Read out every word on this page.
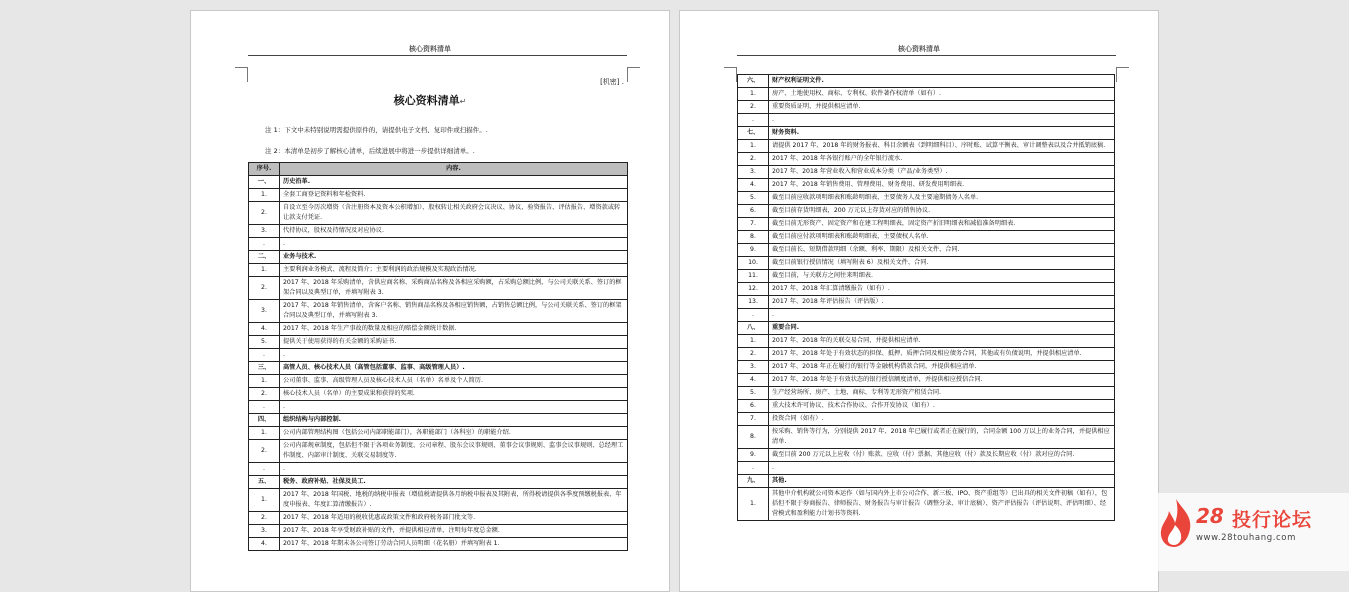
核心资料清单
[机密] .
核心资料清单↵
注 1：下文中未特别说明需提供原件的，请提供电子文档、复印件或扫描件。.
注 2：本清单是初步了解核心清单，后续进展中将进一步提供详细清单。.
序号.	内容.
一、	历史沿革.
1.	全套工商登记资料和年检资料.
2.	自设立至今历次增资（含注册资本及资本公积增加）、股权转让相关政府会议决议、协议、验资报告、评估报告、增资款或转让款支付凭证.
3.	代持协议，股权及持情况及对应协议.
.	.
二、	业务与技术.
1.	主要利润业务模式、流程及简介；主要利润的政治规模及实现政治情况.
2.	2017 年、2018 年采购清单，含供应商名称、采购商品名称及各相应采购额，占采购总额比例，与公司关联关系、签订的框架合同以及典型订单，并填写附表 3.
3.	2017 年、2018 年销售清单，含客户名称、销售商品名称及各相应销售额，占销售总额比例，与公司关联关系、签订的框架合同以及典型订单，并填写附表 3.
4.	2017 年、2018 年生产事故的数量及相应的赔偿金额统计数据.
5.	提供关于使用获得的有关金额的采购证书.
.	.
三、	高管人员、核心技术人员（高管包括董事、监事、高级管理人员）.
1.	公司董事、监事、高级管理人员及核心技术人员（名单）名单及个人简历.
2.	核心技术人员（名单）的主要成果和获得的奖项.
.	.
四、	组织结构与内部控制.
1.	公司内部管理结构图（包括公司内部职能部门），各职能部门（各科室）的职能介绍.
2.	公司内部规章制度，包括但不限于各项业务制度、公司章程、股东会议事规则、董事会议事规则、监事会议事规则、总经理工作制度、内部审计制度、关联交易制度等.
.	.
五、	税务、政府补贴、社保及员工.
1.	2017 年、2018 年国税、地税的纳税申报表（增值税请提供各月纳税申报表及其附表，所得税请提供各季度预缴税报表、年度申报表、年度汇算清缴报告）.
2.	2017 年、2018 年适用的税收优惠或政策文件和政府税务部门批文等.
3.	2017 年、2018 年享受财政补贴的文件，并提供相应清单，注明每年度总金额.
4.	2017 年、2018 年期末各公司签订劳动合同人员明细（花名册）并填写附表 1.
核心资料清单
六、	财产权利证明文件.
1.	房产、土地使用权、商标、专利权、软件著作权清单（如有）.
2.	重要资质证明，并提供相应清单.
.	.
七、	财务资料.
1.	请提供 2017 年、2018 年的财务报表、科目余额表（到明细科目）、序时账、试算平衡表、审计调整表以及合并抵销底稿.
2.	2017 年、2018 年各银行账户的全年银行流水.
3.	2017 年、2018 年营业收入和营业成本分类（产品/业务类型）.
4.	2017 年、2018 年销售费用、管理费用、财务费用、研发费用明细表.
5.	截至目前应收款项明细表和账龄明细表，主要债务人及主要逾期债务人名单.
6.	截至目前存货明细表，200 万元以上存货对应的销售协议.
7.	截至目前无形资产、固定资产和在建工程明细表，固定资产折旧明细表和减值准备明细表.
8.	截至目前应付款项明细表和账龄明细表，主要债权人名单.
9.	截至目前长、短期借款明细（余额、利率、期限）及相关文件、合同.
10.	截至目前银行授信情况（填写附表 6）及相关文件、合同.
11.	截至目前，与关联方之间往来明细表.
12.	2017 年、2018 年汇算清缴报告（如有）.
13.	2017 年、2018 年评估报告（评估版）.
.	.
八、	重要合同.
1.	2017 年、2018 年的关联交易合同，并提供相应清单.
2.	2017 年、2018 年处于有效状态的担保、抵押、质押合同及相应债务合同，其他或有负债说明，并提供相应清单.
3.	2017 年、2018 年正在履行的银行等金融机构借款合同，并提供相应清单.
4.	2017 年、2018 年处于有效状态的银行授信额度清单，并提供相应授信合同.
5.	生产经营场所、房产、土地、商标、专利等无形资产租赁合同.
6.	重大技术许可协议、技术合作协议、合作开发协议（如有）.
7.	投资合同（如有）.
8.	按采购、销售等行为，分别提供 2017 年、2018 年已履行或者正在履行的，合同金额 100 万以上的业务合同，并提供相应清单.
9.	截至目前 200 万元以上应收（付）账款、应收（付）票据、其他应收（付）款及长期应收（付）款对应的合同.
.	.
九、	其他.
1.	其他中介机构就公司资本运作（如与国内外上市公司合作、新三板、IPO、资产重组等）已出具的相关文件初稿（如有），包括但不限于券商报告、律师报告、财务报告与审计报告（调整分录、审计底稿）、资产评估报告（评估说明、评估明细）、经营模式和盈利能力计划书等资料.	28 投行论坛
www.28touhang.com
